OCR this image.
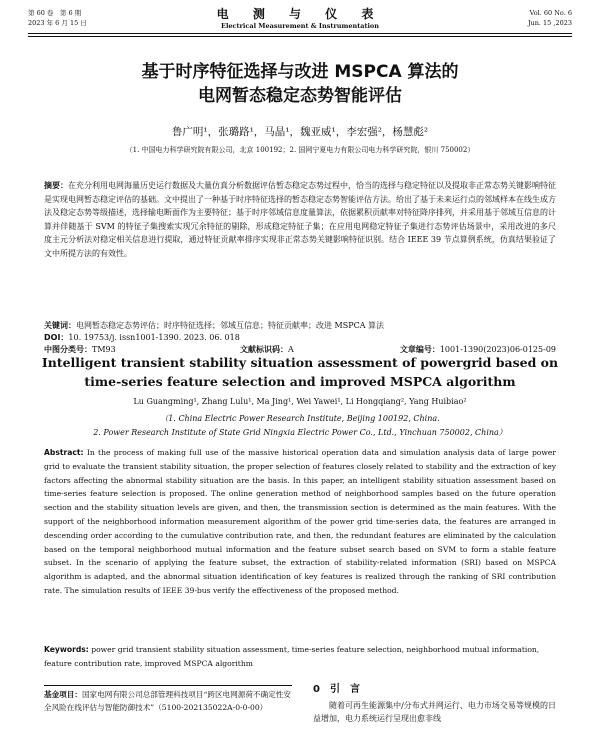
第 60 卷　第 6 期
2023 年 6 月 15 日
电 测 与 仪 表
Electrical Measurement & Instrumentation
Vol. 60 No. 6
Jun. 15 ,2023
基于时序特征选择与改进 MSPCA 算法的
电网暂态稳定态势智能评估
鲁广明¹，张璐路¹，马晶¹，魏亚威¹，李宏强²，杨慧彪²
（1. 中国电力科学研究院有限公司，北京 100192；2. 国网宁夏电力有限公司电力科学研究院，银川 750002）
摘要：在充分利用电网海量历史运行数据及大量仿真分析数据评估暂态稳定态势过程中，恰当的选择与稳定特征以及提取非正常态势关键影响特征是实现电网暂态稳定评估的基础。文中提出了一种基于时序特征选择的暂态稳定态势智能评估方法。给出了基于未来运行点的邻域样本在线生成方法及稳定态势等级描述，选择输电断面作为主要特征；基于时序邻域信息度量算法，依据累积贡献率对特征降序排列，并采用基于邻域互信息的计算并伴随基于 SVM 的特征子集搜索实现冗余特征的剔除，形成稳定特征子集；在应用电网稳定特征子集进行态势评估场景中，采用改进的多尺度主元分析法对稳定相关信息进行提取，通过特征贡献率排序实现非正常态势关键影响特征识别。结合 IEEE 39 节点算例系统，仿真结果验证了文中所提方法的有效性。
关键词：电网暂态稳定态势评估；时序特征选择；邻域互信息；特征贡献率；改进 MSPCA 算法
DOI：10. 19753/j. issn1001-1390. 2023. 06. 018
中图分类号：TM93	文献标识码：A	文章编号：1001-1390(2023)06-0125-09
Intelligent transient stability situation assessment of powergrid based on
time-series feature selection and improved MSPCA algorithm
Lu Guangming¹, Zhang Lulu¹, Ma Jing¹, Wei Yawei¹, Li Hongqiang², Yang Huibiao²
（1. China Electric Power Research Institute, Beijing 100192, China.
2. Power Research Institute of State Grid Ningxia Electric Power Co., Ltd., Yinchuan 750002, China）
Abstract: In the process of making full use of the massive historical operation data and simulation analysis data of large power grid to evaluate the transient stability situation, the proper selection of features closely related to stability and the extraction of key factors affecting the abnormal stability situation are the basis. In this paper, an intelligent stability situation assessment based on time-series feature selection is proposed. The online generation method of neighborhood samples based on the future operation section and the stability situation levels are given, and then, the transmission section is determined as the main features. With the support of the neighborhood information measurement algorithm of the power grid time-series data, the features are arranged in descending order according to the cumulative contribution rate, and then, the redundant features are eliminated by the calculation based on the temporal neighborhood mutual information and the feature subset search based on SVM to form a stable feature subset. In the scenario of applying the feature subset, the extraction of stability-related information (SRI) based on MSPCA algorithm is adapted, and the abnormal situation identification of key features is realized through the ranking of SRI contribution rate. The simulation results of IEEE 39-bus verify the effectiveness of the proposed method.
Keywords: power grid transient stability situation assessment, time-series feature selection, neighborhood mutual information, feature contribution rate, improved MSPCA algorithm
基金项目：国家电网有限公司总部管理科技项目“跨区电网源荷不确定性安全风险在线评估与智能防御技术”（5100-202135022A-0-0-00）
0　引　言
随着可再生能源集中/分布式并网运行、电力市场交易等规模的日益增加，电力系统运行呈现出愈非线
